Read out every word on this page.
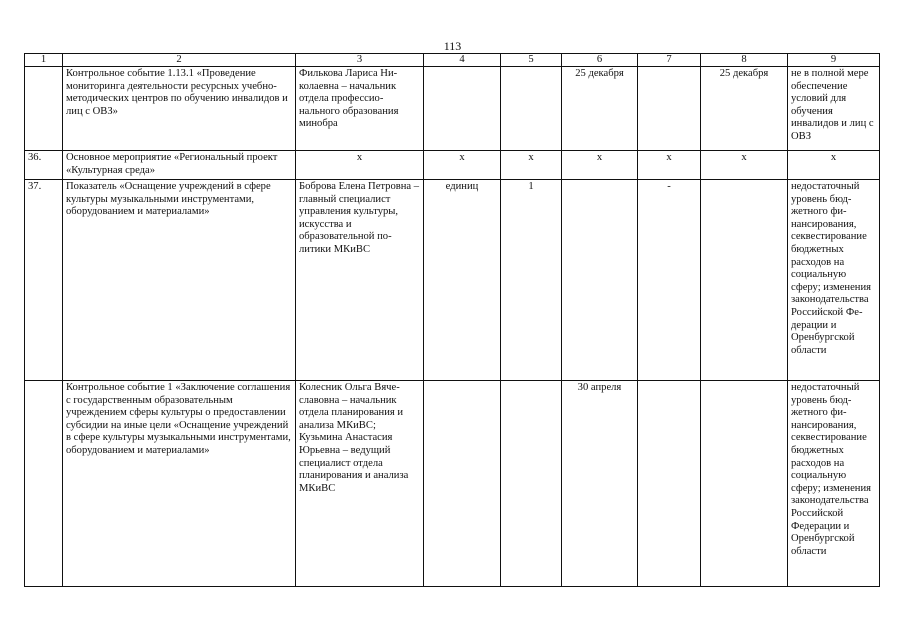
113
1	2	3	4	5	6	7	8	9
	Контрольное событие 1.13.1 «Проведение мониторинга деятельности ресурсных учебно-методических центров по обучению инвалидов и лиц с ОВЗ»	Филькова Лариса Николаевна – начальник отдела профессионального образования минобра			25 декабря		25 декабря	не в полной мере обеспечение условий для обучения инвалидов и лиц с ОВЗ
36.	Основное мероприятие «Региональный проект «Культурная среда»	х	х	х	х	х	х	х
37.	Показатель «Оснащение учреждений в сфере культуры музыкальными инструментами, оборудованием и материалами»	Боброва Елена Петровна – главный специалист управления культуры, искусства и образовательной политики МКиВС	единиц	1		-		недостаточный уровень бюджетного финансирования, секвестирование бюджетных расходов на социальную сферу; изменения законодательства Российской Федерации и Оренбургской области
	Контрольное событие 1 «Заключение соглашения с государственным образовательным учреждением сферы культуры о предоставлении субсидии на иные цели «Оснащение учреждений в сфере культуры музыкальными инструментами, оборудованием и материалами»	Колесник Ольга Вячеславовна – начальник отдела планирования и анализа МКиВС; Кузьмина Анастасия Юрьевна – ведущий специалист отдела планирования и анализа МКиВС			30 апреля			недостаточный уровень бюджетного финансирования, секвестирование бюджетных расходов на социальную сферу; изменения законодательства Российской Федерации и Оренбургской области
